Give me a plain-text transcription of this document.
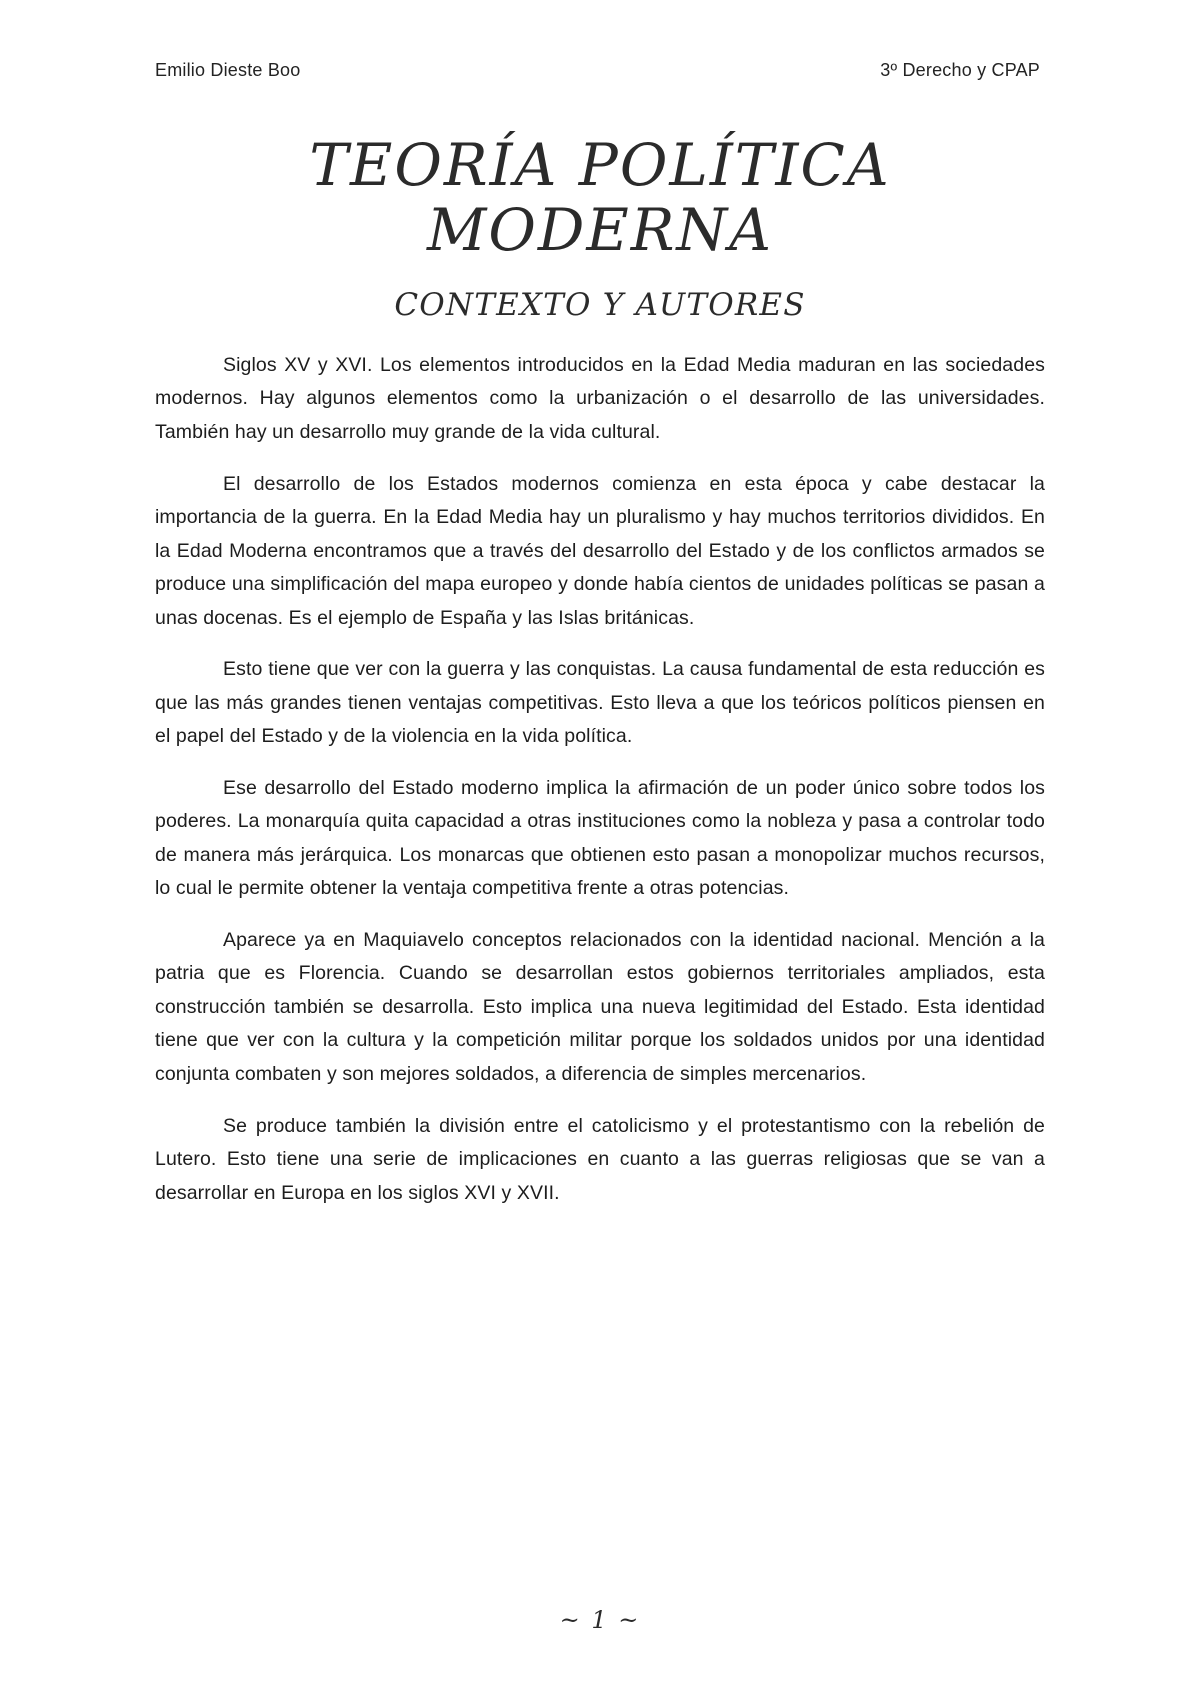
Emilio Dieste Boo	3º Derecho y CPAP
TEORÍA POLÍTICA MODERNA
CONTEXTO Y AUTORES

Siglos XV y XVI. Los elementos introducidos en la Edad Media maduran en las sociedades modernos. Hay algunos elementos como la urbanización o el desarrollo de las universidades. También hay un desarrollo muy grande de la vida cultural.

El desarrollo de los Estados modernos comienza en esta época y cabe destacar la importancia de la guerra. En la Edad Media hay un pluralismo y hay muchos territorios divididos. En la Edad Moderna encontramos que a través del desarrollo del Estado y de los conflictos armados se produce una simplificación del mapa europeo y donde había cientos de unidades políticas se pasan a unas docenas. Es el ejemplo de España y las Islas británicas.

Esto tiene que ver con la guerra y las conquistas. La causa fundamental de esta reducción es que las más grandes tienen ventajas competitivas. Esto lleva a que los teóricos políticos piensen en el papel del Estado y de la violencia en la vida política.

Ese desarrollo del Estado moderno implica la afirmación de un poder único sobre todos los poderes. La monarquía quita capacidad a otras instituciones como la nobleza y pasa a controlar todo de manera más jerárquica. Los monarcas que obtienen esto pasan a monopolizar muchos recursos, lo cual le permite obtener la ventaja competitiva frente a otras potencias.

Aparece ya en Maquiavelo conceptos relacionados con la identidad nacional. Mención a la patria que es Florencia. Cuando se desarrollan estos gobiernos territoriales ampliados, esta construcción también se desarrolla. Esto implica una nueva legitimidad del Estado. Esta identidad tiene que ver con la cultura y la competición militar porque los soldados unidos por una identidad conjunta combaten y son mejores soldados, a diferencia de simples mercenarios.

Se produce también la división entre el catolicismo y el protestantismo con la rebelión de Lutero. Esto tiene una serie de implicaciones en cuanto a las guerras religiosas que se van a desarrollar en Europa en los siglos XVI y XVII.

~ 1 ~
